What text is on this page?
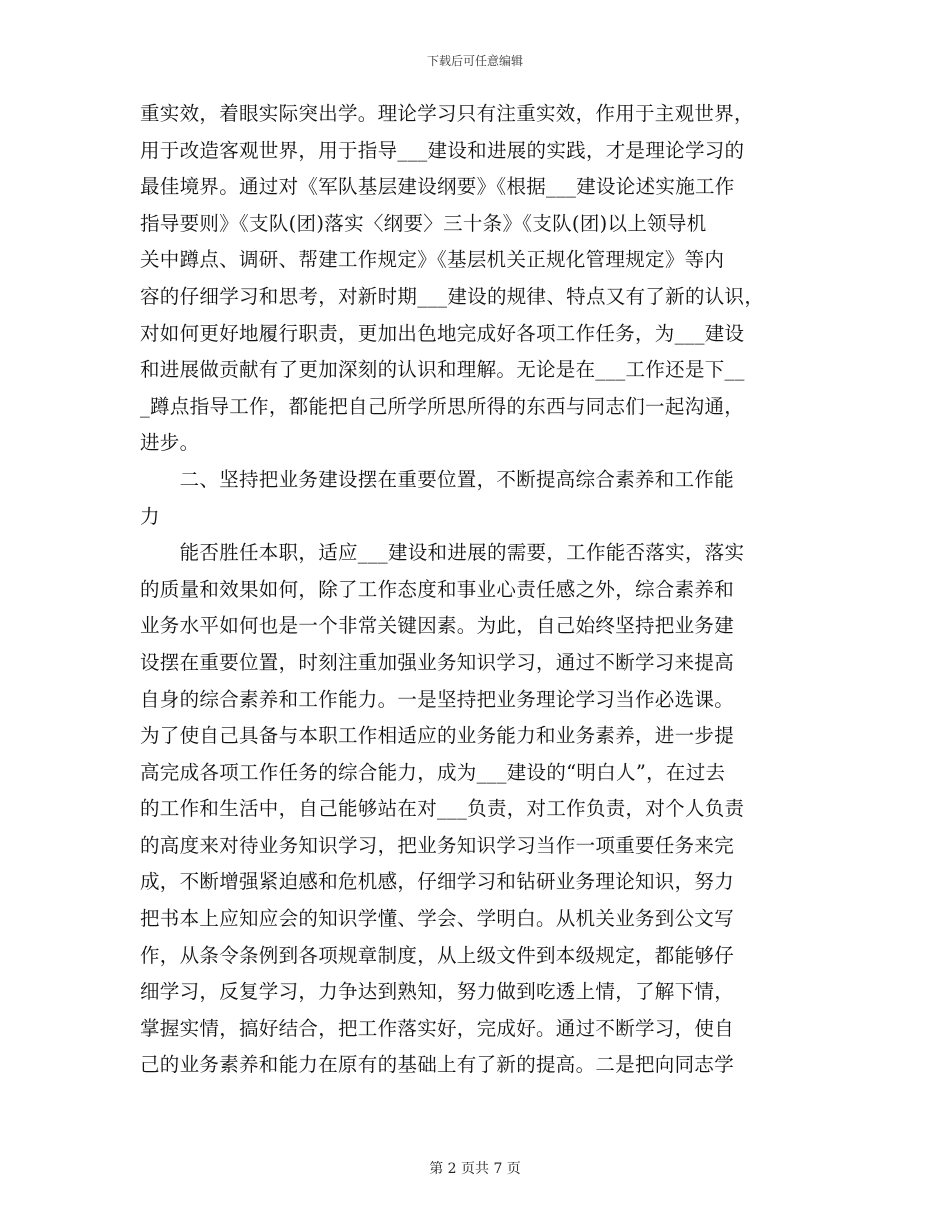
下载后可任意编辑
重实效，着眼实际突出学。理论学习只有注重实效，作用于主观世界，
用于改造客观世界，用于指导___建设和进展的实践，才是理论学习的
最佳境界。通过对《军队基层建设纲要》《根据___建设论述实施工作
指导要则》《支队(团)落实〈纲要〉三十条》《支队(团)以上领导机
关中蹲点、调研、帮建工作规定》《基层机关正规化管理规定》等内
容的仔细学习和思考，对新时期___建设的规律、特点又有了新的认识，
对如何更好地履行职责，更加出色地完成好各项工作任务，为___建设
和进展做贡献有了更加深刻的认识和理解。无论是在___工作还是下__
_蹲点指导工作，都能把自己所学所思所得的东西与同志们一起沟通，
进步。
　　二、坚持把业务建设摆在重要位置，不断提高综合素养和工作能
力
　　能否胜任本职，适应___建设和进展的需要，工作能否落实，落实
的质量和效果如何，除了工作态度和事业心责任感之外，综合素养和
业务水平如何也是一个非常关键因素。为此，自己始终坚持把业务建
设摆在重要位置，时刻注重加强业务知识学习，通过不断学习来提高
自身的综合素养和工作能力。一是坚持把业务理论学习当作必选课。
为了使自己具备与本职工作相适应的业务能力和业务素养，进一步提
高完成各项工作任务的综合能力，成为___建设的“明白人”，在过去
的工作和生活中，自己能够站在对___负责，对工作负责，对个人负责
的高度来对待业务知识学习，把业务知识学习当作一项重要任务来完
成，不断增强紧迫感和危机感，仔细学习和钻研业务理论知识，努力
把书本上应知应会的知识学懂、学会、学明白。从机关业务到公文写
作，从条令条例到各项规章制度，从上级文件到本级规定，都能够仔
细学习，反复学习，力争达到熟知，努力做到吃透上情，了解下情，
掌握实情，搞好结合，把工作落实好，完成好。通过不断学习，使自
己的业务素养和能力在原有的基础上有了新的提高。二是把向同志学
第 2 页共 7 页
